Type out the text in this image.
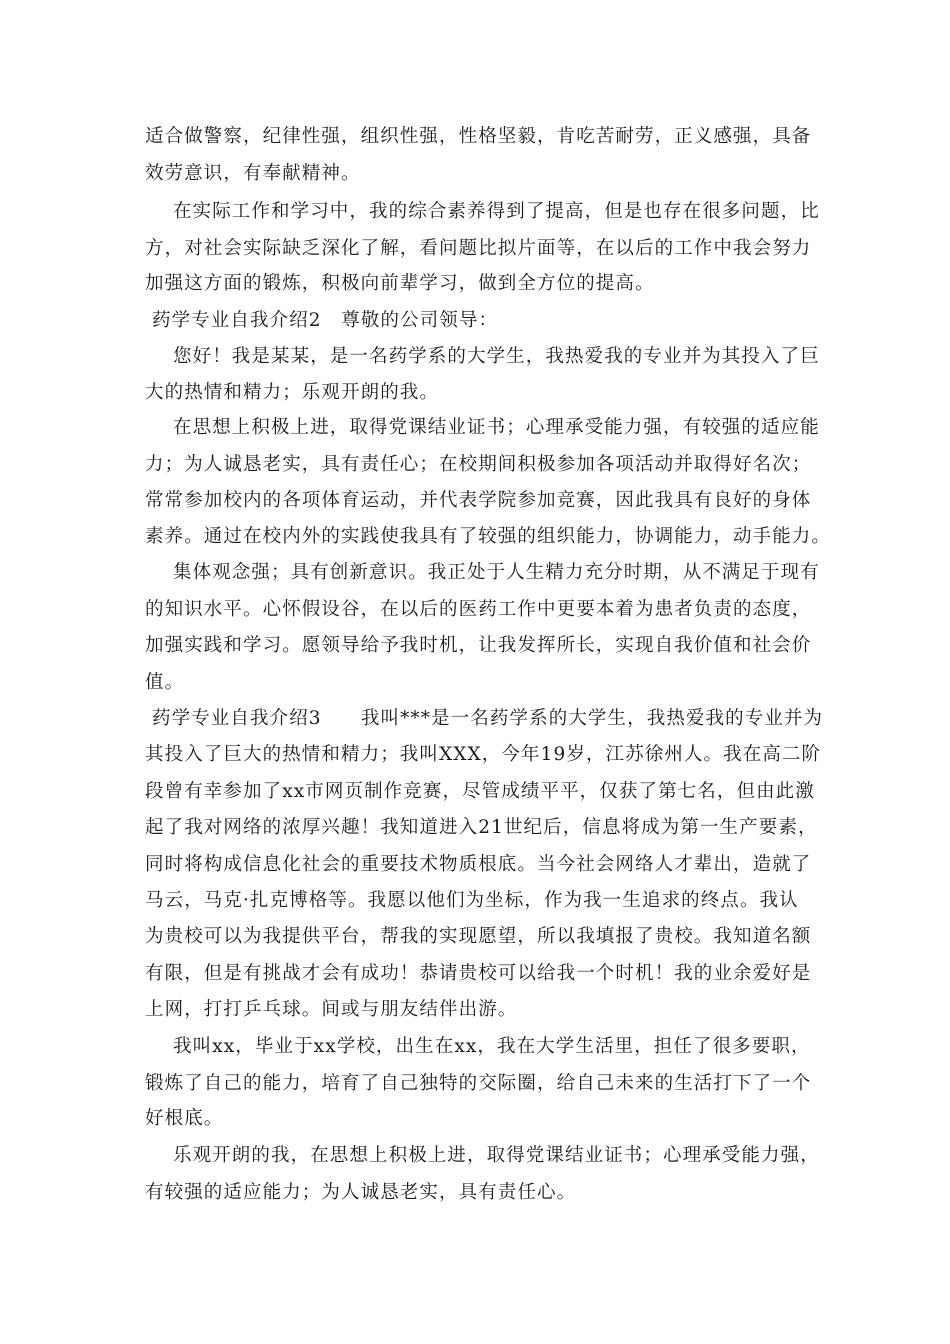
适合做警察，纪律性强，组织性强，性格坚毅，肯吃苦耐劳，正义感强，具备

效劳意识，有奉献精神。

在实际工作和学习中，我的综合素养得到了提高，但是也存在很多问题，比

方，对社会实际缺乏深化了解，看问题比拟片面等，在以后的工作中我会努力

加强这方面的锻炼，积极向前辈学习，做到全方位的提高。

药学专业自我介绍2　尊敬的公司领导：

您好！我是某某，是一名药学系的大学生，我热爱我的专业并为其投入了巨

大的热情和精力；乐观开朗的我。

在思想上积极上进，取得党课结业证书；心理承受能力强，有较强的适应能

力；为人诚恳老实，具有责任心；在校期间积极参加各项活动并取得好名次；

常常参加校内的各项体育运动，并代表学院参加竞赛，因此我具有良好的身体

素养。通过在校内外的实践使我具有了较强的组织能力，协调能力，动手能力。

集体观念强；具有创新意识。我正处于人生精力充分时期，从不满足于现有

的知识水平。心怀假设谷，在以后的医药工作中更要本着为患者负责的态度，

加强实践和学习。愿领导给予我时机，让我发挥所长，实现自我价值和社会价

值。

药学专业自我介绍3　　我叫***是一名药学系的大学生，我热爱我的专业并为

其投入了巨大的热情和精力；我叫XXX，今年19岁，江苏徐州人。我在高二阶

段曾有幸参加了xx市网页制作竞赛，尽管成绩平平，仅获了第七名，但由此激

起了我对网络的浓厚兴趣！我知道进入21世纪后，信息将成为第一生产要素，

同时将构成信息化社会的重要技术物质根底。当今社会网络人才辈出，造就了

马云，马克·扎克博格等。我愿以他们为坐标，作为我一生追求的终点。我认

为贵校可以为我提供平台，帮我的实现愿望，所以我填报了贵校。我知道名额

有限，但是有挑战才会有成功！恭请贵校可以给我一个时机！我的业余爱好是

上网，打打乒乓球。间或与朋友结伴出游。

我叫xx，毕业于xx学校，出生在xx，我在大学生活里，担任了很多要职，

锻炼了自己的能力，培育了自己独特的交际圈，给自己未来的生活打下了一个

好根底。

乐观开朗的我，在思想上积极上进，取得党课结业证书；心理承受能力强，

有较强的适应能力；为人诚恳老实，具有责任心。
